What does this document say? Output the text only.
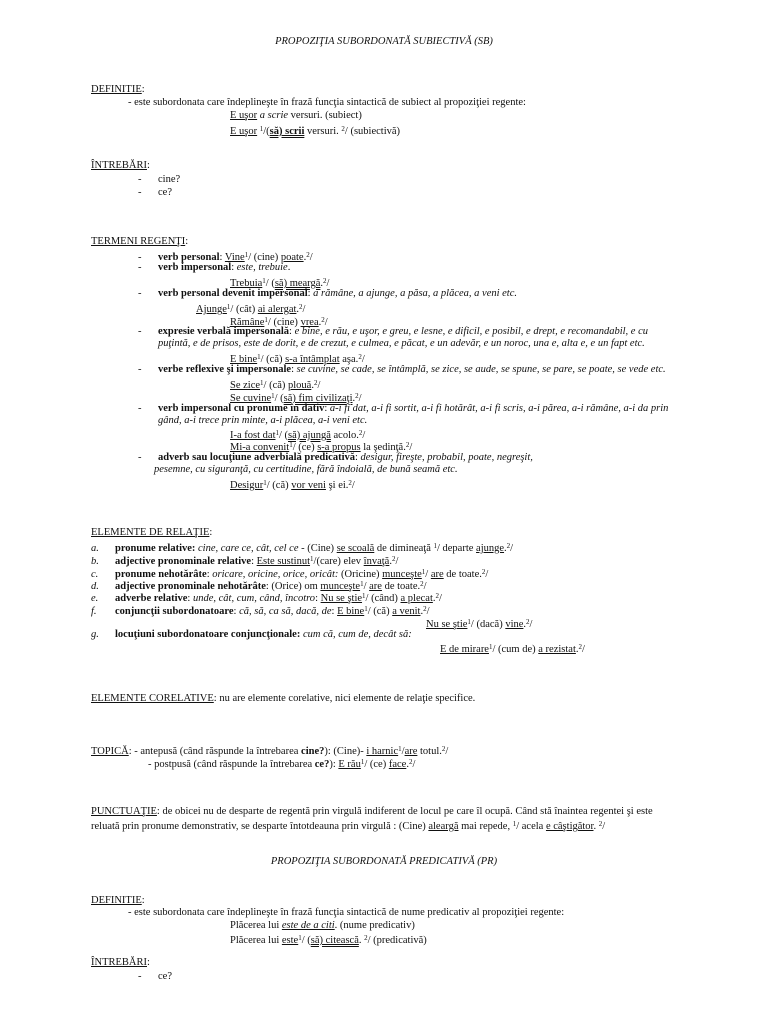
PROPOZIŢIA SUBORDONATĂ SUBIECTIVĂ (SB)
DEFINITIE:
- este subordonata care îndeplineşte în frază funcţia sintactică de subiect al propoziţiei regente:
E uşor a scrie versuri. (subiect)
E uşor $^1$/(să) scrii versuri. $^2$/ (subiectivă)
ÎNTREBĂRI:
- cine?
- ce?
TERMENI REGENŢI:
- verb personal: Vine$^1$/ (cine) poate.$^2$/
- verb impersonal: este, trebuie.
Trebuia$^1$/ (să) meargă.$^2$/
- verb personal devenit impersonal: a rămâne, a ajunge, a păsa, a plăcea, a veni etc.
Ajunge$^1$/ (cât) ai alergat.$^2$/
Rămâne$^1$/ (cine) vrea.$^2$/
- expresie verbală impersonală: e bine, e rău, e uşor, e greu, e lesne, e dificil, e posibil, e drept, e recomandabil, e cu
puţintă, e de prisos, este de dorit, e de crezut, e culmea, e păcat, e un adevăr, e un noroc, una e, alta e, e un fapt etc.
E bine$^1$/ (că) s-a întâmplat aşa.$^2$/
- verbe reflexive şi impersonale: se cuvine, se cade, se întâmplă, se zice, se aude, se spune, se pare, se poate, se vede etc.
Se zice$^1$/ (că) plouă.$^2$/
Se cuvine$^1$/ (să) fim civilizaţi.$^2$/
- verb impersonal cu pronume în dativ: a-i fi dat, a-i fi sortit, a-i fi hotărât, a-i fi scris, a-i părea, a-i rămâne, a-i da prin
gând, a-i trece prin minte, a-i plăcea, a-i veni etc.
I-a fost dat$^1$/ (să) ajungă acolo.$^2$/
Mi-a convenit$^1$/ (ce) s-a propus la şedinţă.$^2$/
- adverb sau locuţiune adverbială predicativă: desigur, fireşte, probabil, poate, negreşit,
pesemne, cu siguranţă, cu certitudine, fără îndoială, de bună seamă etc.
Desigur$^1$/ (că) vor veni şi ei.$^2$/
ELEMENTE DE RELAŢIE:
a. pronume relative: cine, care ce, cât, cel ce - (Cine) se scoală de dimineaţă $^1$/ departe ajunge.$^2$/
b. adjective pronominale relative: Este sustinut$^1$/(care) elev învaţă.$^2$/
c. pronume nehotărâte: oricare, oricine, orice, oricât: (Oricine) munceşte$^1$/ are de toate.$^2$/
d. adjective pronominale nehotărâte: (Orice) om munceşte$^1$/ are de toate.$^2$/
e. adverbe relative: unde, cât, cum, când, încotro: Nu se ştie$^1$/ (când) a plecat.$^2$/
f. conjuncţii subordonatoare: că, să, ca să, dacă, de: E bine$^1$/ (că) a venit.$^2$/
Nu se ştie$^1$/ (dacă) vine.$^2$/
g. locuţiuni subordonatoare conjuncţionale: cum că, cum de, decât să:
E de mirare$^1$/ (cum de) a rezistat.$^2$/
ELEMENTE CORELATIVE: nu are elemente corelative, nici elemente de relaţie specifice.
TOPICĂ: - antepusă (când răspunde la întrebarea cine?): (Cine)- i harnic$^1$/are totul.$^2$/
- postpusă (când răspunde la întrebarea ce?): E rău$^1$/ (ce) face.$^2$/
PUNCTUAŢIE: de obicei nu de desparte de regentă prin virgulă indiferent de locul pe care îl ocupă. Când stă înaintea regentei şi este
reluată prin pronume demonstrativ, se desparte întotdeauna prin virgulă : (Cine) aleargă mai repede, $^1$/ acela e câştigător. $^2$/
PROPOZIŢIA SUBORDONATĂ PREDICATIVĂ (PR)
DEFINITIE:
- este subordonata care îndeplineşte în frază funcţia sintactică de nume predicativ al propoziţiei regente:
Plăcerea lui este de a citi. (nume predicativ)
Plăcerea lui este$^1$/ (să) citească. $^2$/ (predicativă)
ÎNTREBĂRI:
- ce?
